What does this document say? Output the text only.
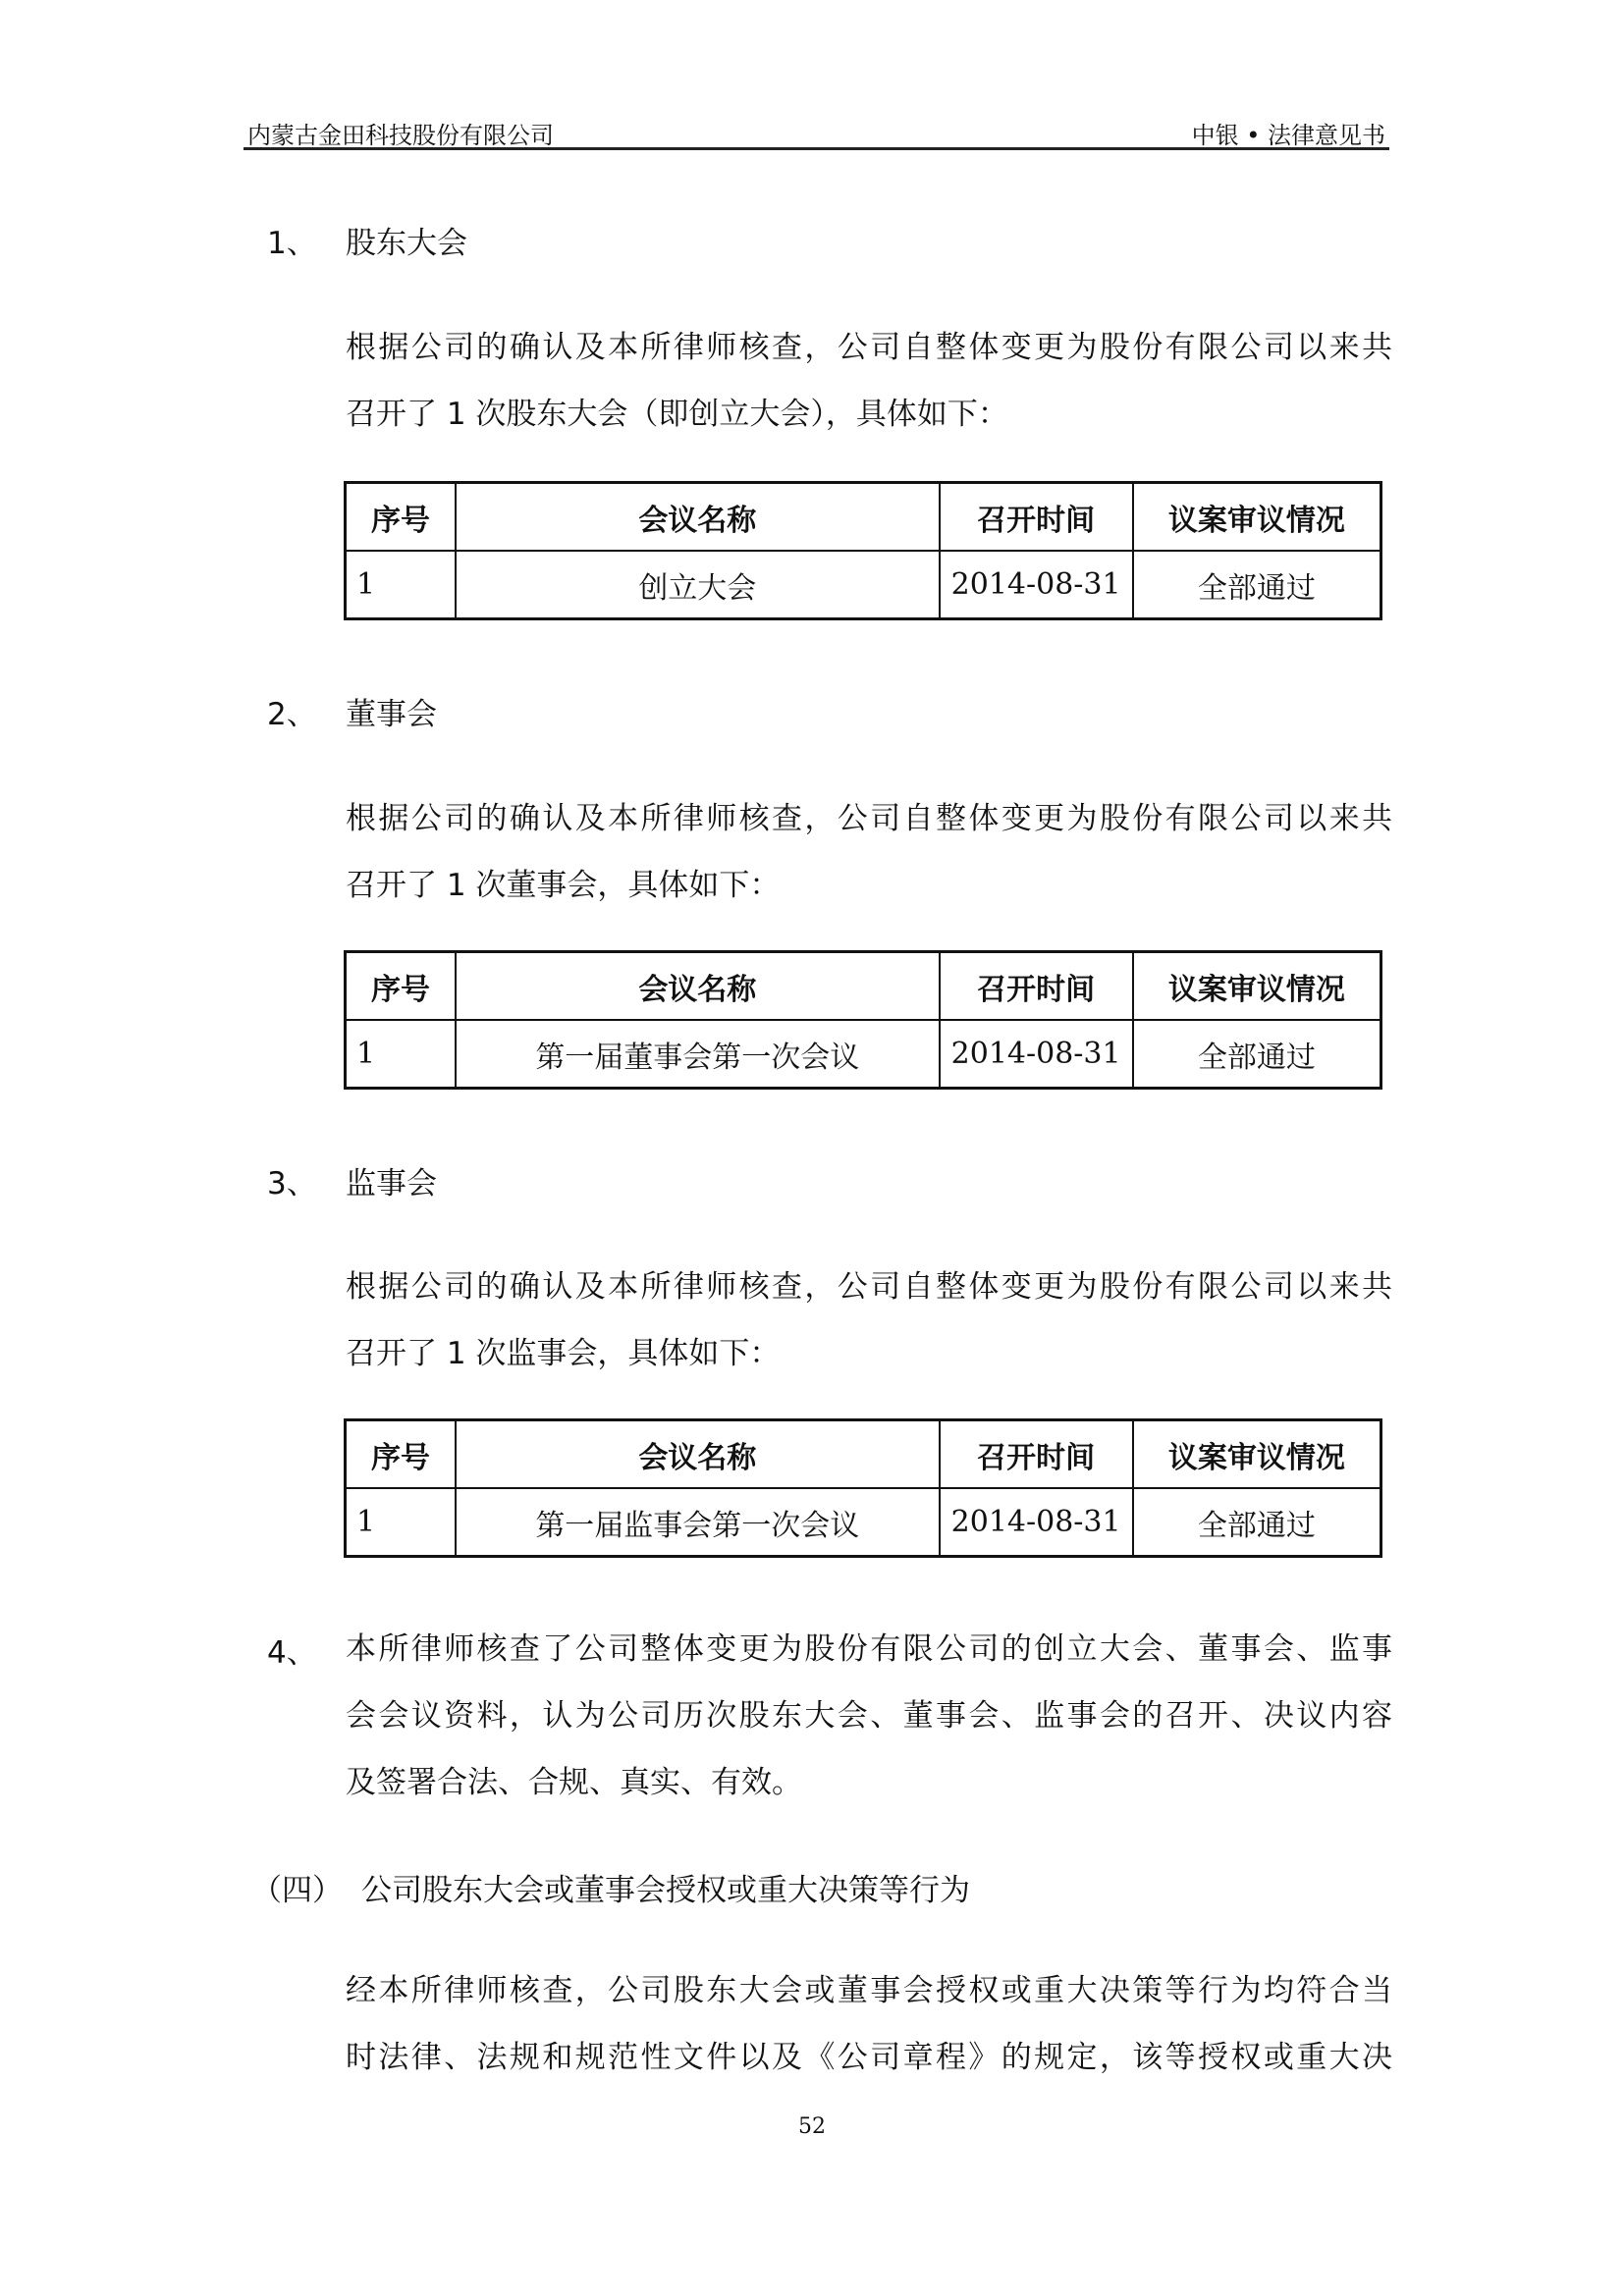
内蒙古金田科技股份有限公司	中银 • 法律意见书
1、 股东大会
根据公司的确认及本所律师核查，公司自整体变更为股份有限公司以来共
召开了 1 次股东大会（即创立大会），具体如下：
序号	会议名称	召开时间	议案审议情况
1	创立大会	2014-08-31	全部通过
2、 董事会
根据公司的确认及本所律师核查，公司自整体变更为股份有限公司以来共
召开了 1 次董事会，具体如下：
序号	会议名称	召开时间	议案审议情况
1	第一届董事会第一次会议	2014-08-31	全部通过
3、 监事会
根据公司的确认及本所律师核查，公司自整体变更为股份有限公司以来共
召开了 1 次监事会，具体如下：
序号	会议名称	召开时间	议案审议情况
1	第一届监事会第一次会议	2014-08-31	全部通过
4、 本所律师核查了公司整体变更为股份有限公司的创立大会、董事会、监事
会会议资料，认为公司历次股东大会、董事会、监事会的召开、决议内容
及签署合法、合规、真实、有效。
（四） 公司股东大会或董事会授权或重大决策等行为
经本所律师核查，公司股东大会或董事会授权或重大决策等行为均符合当
时法律、法规和规范性文件以及《公司章程》的规定，该等授权或重大决
52
